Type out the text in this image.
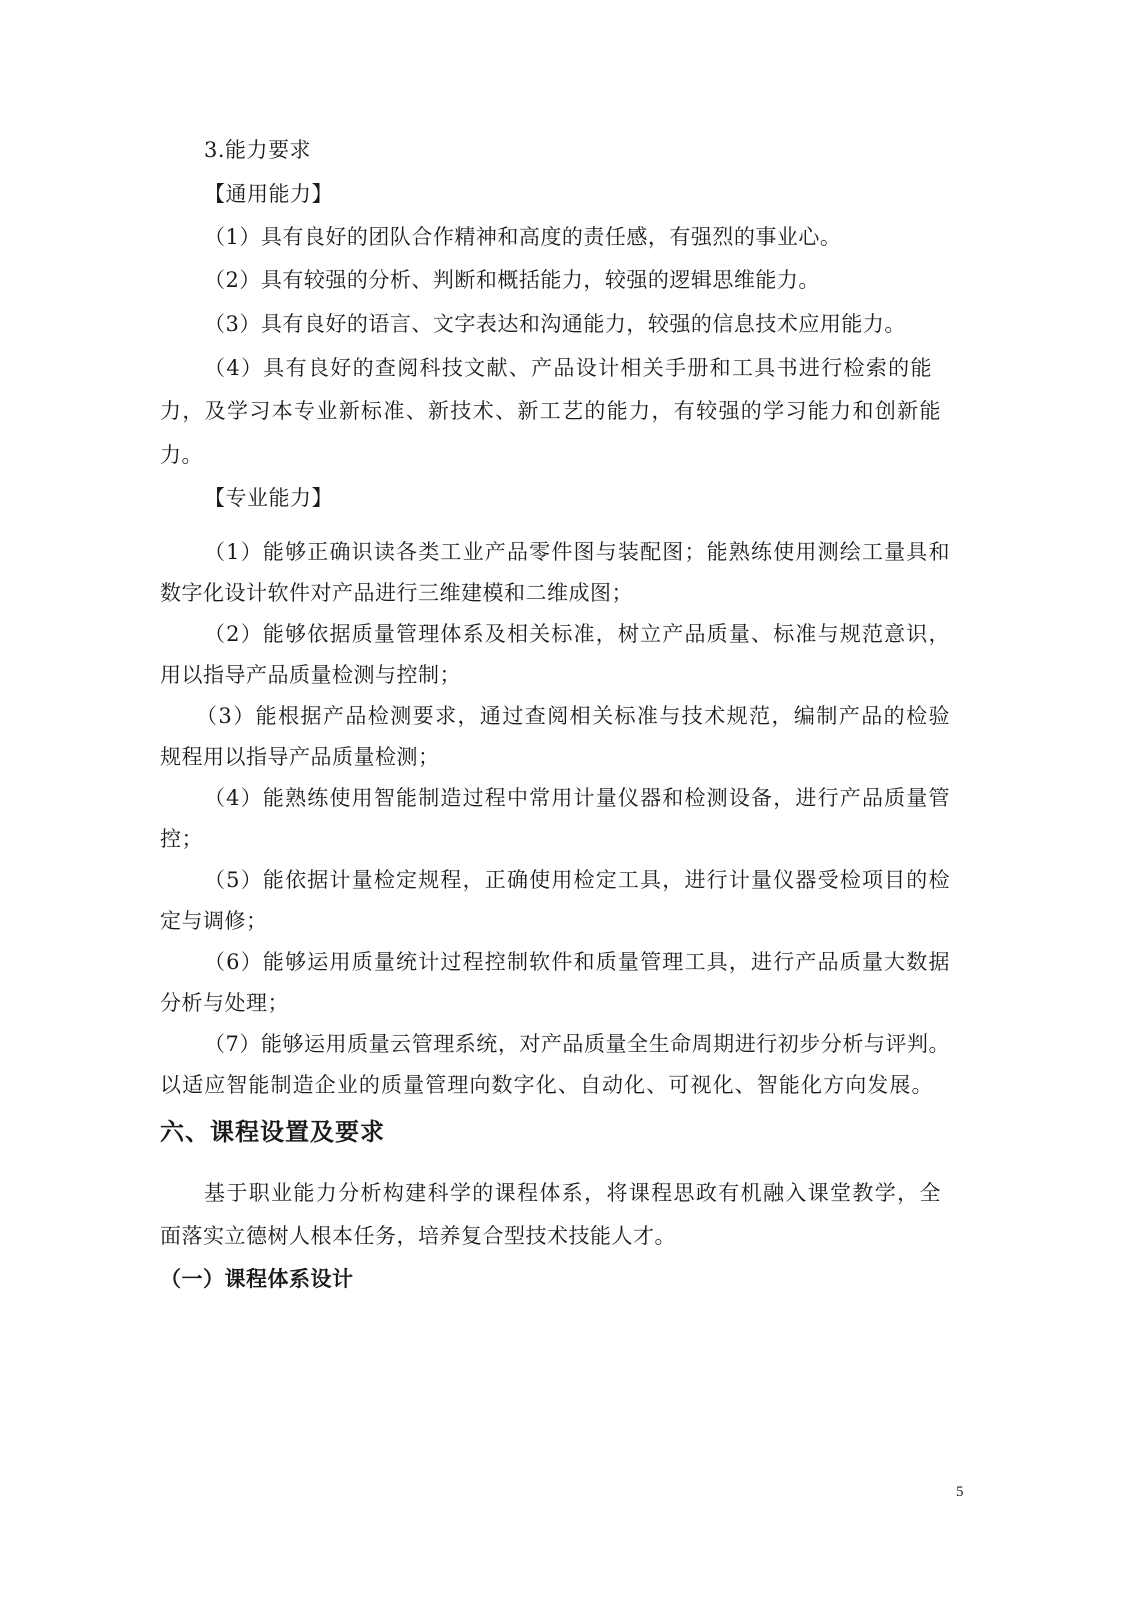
3.能力要求
【通用能力】
（1）具有良好的团队合作精神和高度的责任感，有强烈的事业心。
（2）具有较强的分析、判断和概括能力，较强的逻辑思维能力。
（3）具有良好的语言、文字表达和沟通能力，较强的信息技术应用能力。
（4）具有良好的查阅科技文献、产品设计相关手册和工具书进行检索的能
力，及学习本专业新标准、新技术、新工艺的能力，有较强的学习能力和创新能
力。
【专业能力】
（1）能够正确识读各类工业产品零件图与装配图；能熟练使用测绘工量具和
数字化设计软件对产品进行三维建模和二维成图；
（2）能够依据质量管理体系及相关标准，树立产品质量、标准与规范意识，
用以指导产品质量检测与控制；
（3）能根据产品检测要求，通过查阅相关标准与技术规范，编制产品的检验
规程用以指导产品质量检测；
（4）能熟练使用智能制造过程中常用计量仪器和检测设备，进行产品质量管
控；
（5）能依据计量检定规程，正确使用检定工具，进行计量仪器受检项目的检
定与调修；
（6）能够运用质量统计过程控制软件和质量管理工具，进行产品质量大数据
分析与处理；
（7）能够运用质量云管理系统，对产品质量全生命周期进行初步分析与评判。
以适应智能制造企业的质量管理向数字化、自动化、可视化、智能化方向发展。
六、课程设置及要求
基于职业能力分析构建科学的课程体系，将课程思政有机融入课堂教学，全
面落实立德树人根本任务，培养复合型技术技能人才。
（一）课程体系设计
5
